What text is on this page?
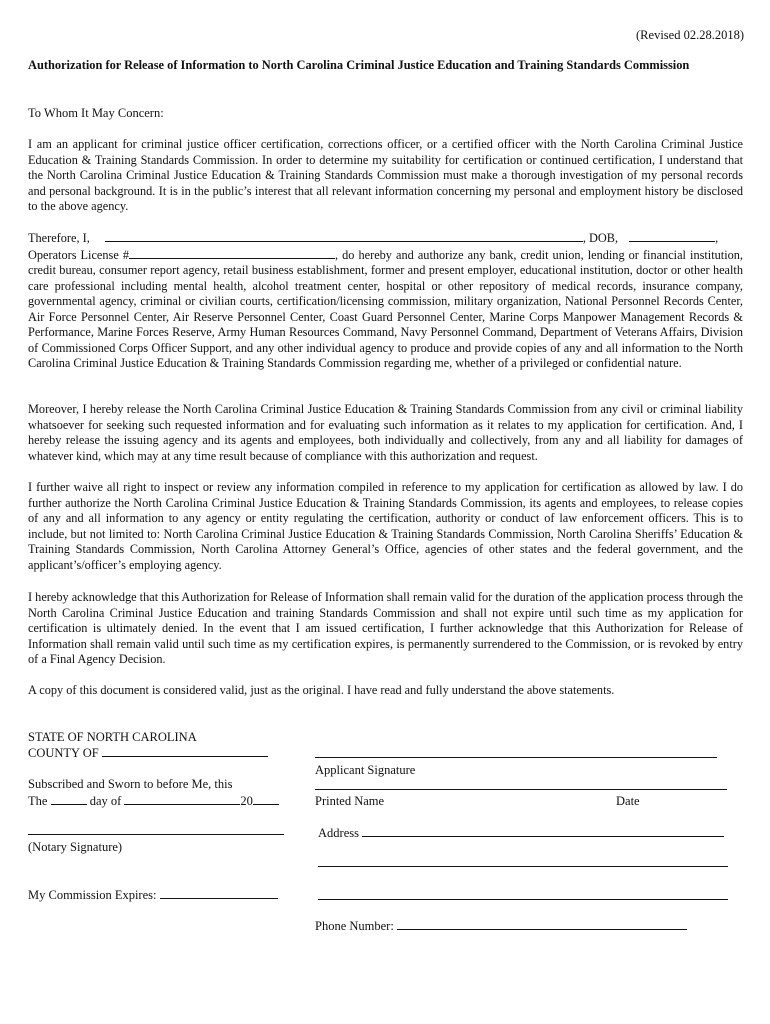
(Revised 02.28.2018)
Authorization for Release of Information to North Carolina Criminal Justice Education and Training Standards Commission
To Whom It May Concern:

I am an applicant for criminal justice officer certification, corrections officer, or a certified officer with the North Carolina Criminal Justice Education & Training Standards Commission. In order to determine my suitability for certification or continued certification, I understand that the North Carolina Criminal Justice Education & Training Standards Commission must make a thorough investigation of my personal records and personal background. It is in the public’s interest that all relevant information concerning my personal and employment history be disclosed to the above agency.

Therefore, I,	, DOB,	,
Operators License #	, do hereby and authorize any bank, credit union, lending or financial institution, credit bureau, consumer report agency, retail business establishment, former and present employer, educational institution, doctor or other health care professional including mental health, alcohol treatment center, hospital or other repository of medical records, insurance company, governmental agency, criminal or civilian courts, certification/licensing commission, military organization, National Personnel Records Center, Air Force Personnel Center, Air Reserve Personnel Center, Coast Guard Personnel Center, Marine Corps Manpower Management Records & Performance, Marine Forces Reserve, Army Human Resources Command, Navy Personnel Command, Department of Veterans Affairs, Division of Commissioned Corps Officer Support, and any other individual agency to produce and provide copies of any and all information to the North Carolina Criminal Justice Education & Training Standards Commission regarding me, whether of a privileged or confidential nature.

Moreover, I hereby release the North Carolina Criminal Justice Education & Training Standards Commission from any civil or criminal liability whatsoever for seeking such requested information and for evaluating such information as it relates to my application for certification. And, I hereby release the issuing agency and its agents and employees, both individually and collectively, from any and all liability for damages of whatever kind, which may at any time result because of compliance with this authorization and request.

I further waive all right to inspect or review any information compiled in reference to my application for certification as allowed by law. I do further authorize the North Carolina Criminal Justice Education & Training Standards Commission, its agents and employees, to release copies of any and all information to any agency or entity regulating the certification, authority or conduct of law enforcement officers. This is to include, but not limited to: North Carolina Criminal Justice Education & Training Standards Commission, North Carolina Sheriffs’ Education & Training Standards Commission, North Carolina Attorney General’s Office, agencies of other states and the federal government, and the applicant’s/officer’s employing agency.

I hereby acknowledge that this Authorization for Release of Information shall remain valid for the duration of the application process through the North Carolina Criminal Justice Education and training Standards Commission and shall not expire until such time as my application for certification is ultimately denied. In the event that I am issued certification, I further acknowledge that this Authorization for Release of Information shall remain valid until such time as my certification expires, is permanently surrendered to the Commission, or is revoked by entry of a Final Agency Decision.

A copy of this document is considered valid, just as the original. I have read and fully understand the above statements.

STATE OF NORTH CAROLINA
COUNTY OF
Subscribed and Sworn to before Me, this
The	day of	20
(Notary Signature)
My Commission Expires:
Applicant Signature
Printed Name	Date
Address
Phone Number:
